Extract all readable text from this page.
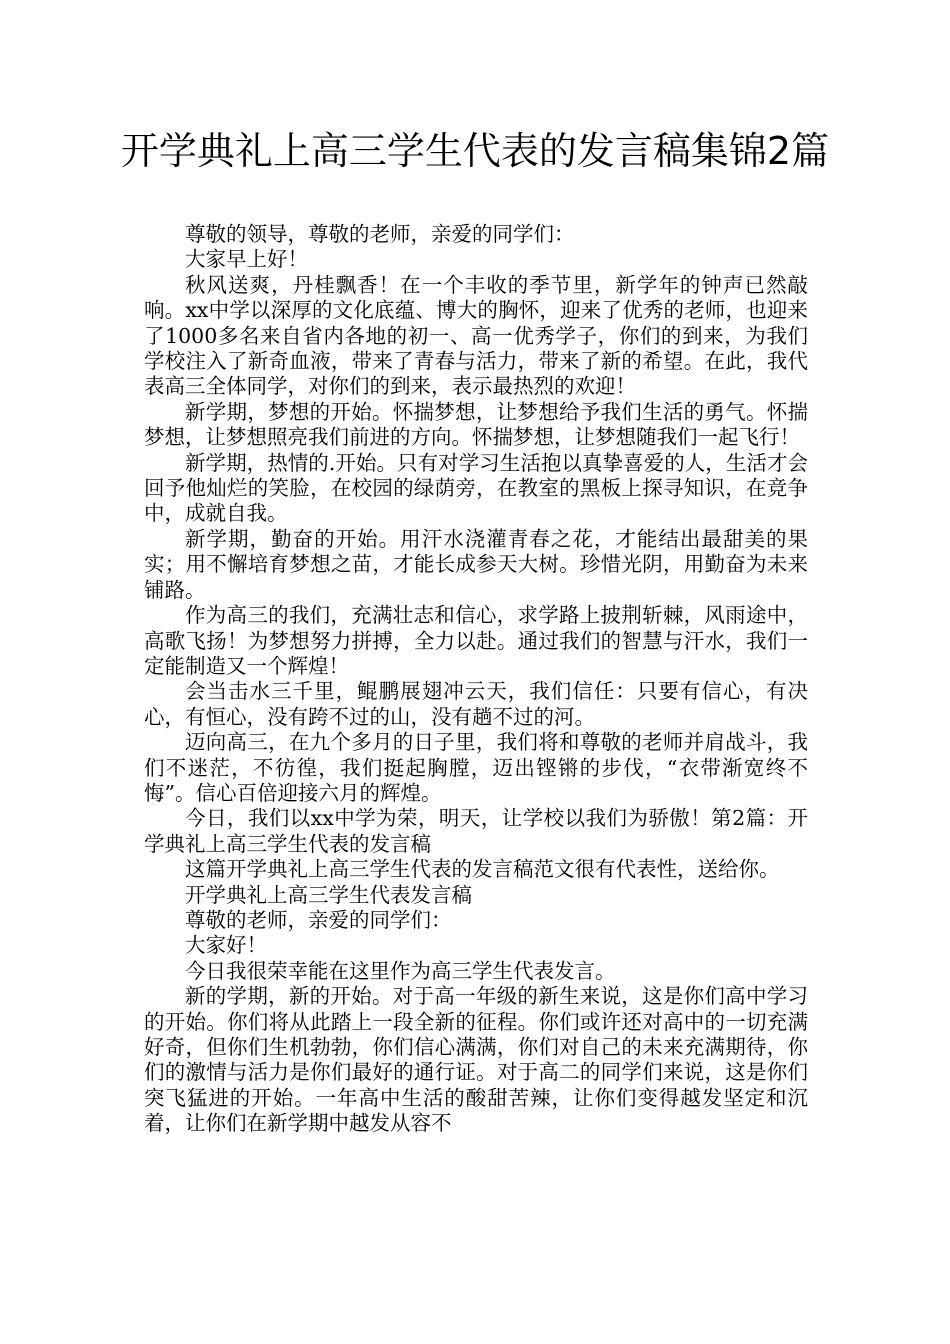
开学典礼上高三学生代表的发言稿集锦2篇

尊敬的领导，尊敬的老师，亲爱的同学们：

大家早上好！

秋风送爽，丹桂飘香！在一个丰收的季节里，新学年的钟声已然敲响。xx中学以深厚的文化底蕴、博大的胸怀，迎来了优秀的老师，也迎来了1000多名来自省内各地的初一、高一优秀学子，你们的到来，为我们学校注入了新奇血液，带来了青春与活力，带来了新的希望。在此，我代表高三全体同学，对你们的到来，表示最热烈的欢迎！

新学期，梦想的开始。怀揣梦想，让梦想给予我们生活的勇气。怀揣梦想，让梦想照亮我们前进的方向。怀揣梦想，让梦想随我们一起飞行！

新学期，热情的.开始。只有对学习生活抱以真挚喜爱的人，生活才会回予他灿烂的笑脸，在校园的绿荫旁，在教室的黑板上探寻知识，在竞争中，成就自我。

新学期，勤奋的开始。用汗水浇灌青春之花，才能结出最甜美的果实；用不懈培育梦想之苗，才能长成参天大树。珍惜光阴，用勤奋为未来铺路。

作为高三的我们，充满壮志和信心，求学路上披荆斩棘，风雨途中，高歌飞扬！为梦想努力拼搏，全力以赴。通过我们的智慧与汗水，我们一定能制造又一个辉煌！

会当击水三千里，鲲鹏展翅冲云天，我们信任：只要有信心，有决心，有恒心，没有跨不过的山，没有趟不过的河。

迈向高三，在九个多月的日子里，我们将和尊敬的老师并肩战斗，我们不迷茫，不彷徨，我们挺起胸膛，迈出铿锵的步伐，“衣带渐宽终不悔”。信心百倍迎接六月的辉煌。

今日，我们以xx中学为荣，明天，让学校以我们为骄傲！第2篇：开学典礼上高三学生代表的发言稿

这篇开学典礼上高三学生代表的发言稿范文很有代表性，送给你。

开学典礼上高三学生代表发言稿

尊敬的老师，亲爱的同学们：

大家好！

今日我很荣幸能在这里作为高三学生代表发言。

新的学期，新的开始。对于高一年级的新生来说，这是你们高中学习的开始。你们将从此踏上一段全新的征程。你们或许还对高中的一切充满好奇，但你们生机勃勃，你们信心满满，你们对自己的未来充满期待，你们的激情与活力是你们最好的通行证。对于高二的同学们来说，这是你们突飞猛进的开始。一年高中生活的酸甜苦辣，让你们变得越发坚定和沉着，让你们在新学期中越发从容不
